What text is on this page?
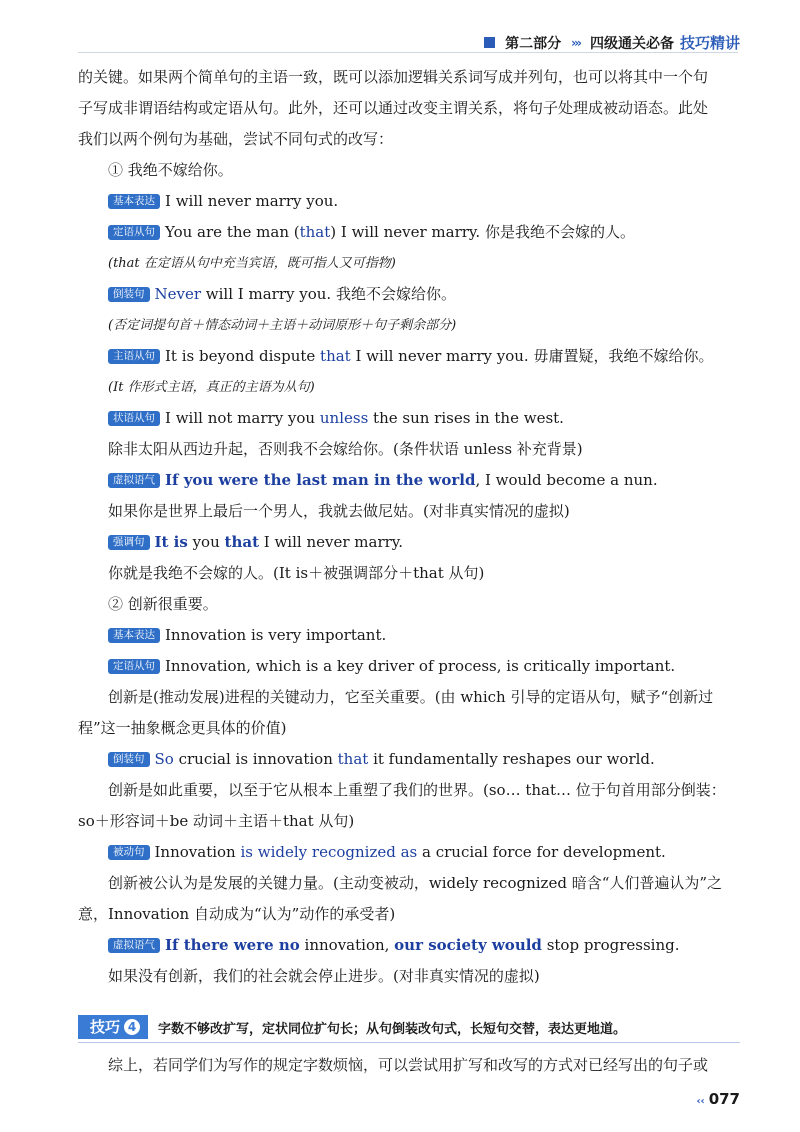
第二部分 ››› 四级通关必备 技巧精讲
的关键。如果两个简单句的主语一致，既可以添加逻辑关系词写成并列句，也可以将其中一个句
子写成非谓语结构或定语从句。此外，还可以通过改变主谓关系，将句子处理成被动语态。此处
我们以两个例句为基础，尝试不同句式的改写：
① 我绝不嫁给你。
基本表达 I will never marry you.
定语从句 You are the man (that) I will never marry. 你是我绝不会嫁的人。
(that 在定语从句中充当宾语，既可指人又可指物)
倒装句 Never will I marry you. 我绝不会嫁给你。
(否定词提句首＋情态动词＋主语＋动词原形＋句子剩余部分)
主语从句 It is beyond dispute that I will never marry you. 毋庸置疑，我绝不嫁给你。
(It 作形式主语，真正的主语为从句)
状语从句 I will not marry you unless the sun rises in the west.
除非太阳从西边升起，否则我不会嫁给你。(条件状语 unless 补充背景)
虚拟语气 If you were the last man in the world, I would become a nun.
如果你是世界上最后一个男人，我就去做尼姑。(对非真实情况的虚拟)
强调句 It is you that I will never marry.
你就是我绝不会嫁的人。(It is＋被强调部分＋that 从句)
② 创新很重要。
基本表达 Innovation is very important.
定语从句 Innovation, which is a key driver of process, is critically important.
创新是(推动发展)进程的关键动力，它至关重要。(由 which 引导的定语从句，赋予“创新过
程”这一抽象概念更具体的价值)
倒装句 So crucial is innovation that it fundamentally reshapes our world.
创新是如此重要，以至于它从根本上重塑了我们的世界。(so… that… 位于句首用部分倒装：
so＋形容词＋be 动词＋主语＋that 从句)
被动句 Innovation is widely recognized as a crucial force for development.
创新被公认为是发展的关键力量。(主动变被动，widely recognized 暗含“人们普遍认为”之
意，Innovation 自动成为“认为”动作的承受者)
虚拟语气 If there were no innovation, our society would stop progressing.
如果没有创新，我们的社会就会停止进步。(对非真实情况的虚拟)
技巧 4 字数不够改扩写，定状同位扩句长；从句倒装改句式，长短句交替，表达更地道。
综上，若同学们为写作的规定字数烦恼，可以尝试用扩写和改写的方式对已经写出的句子或
‹‹ 077
